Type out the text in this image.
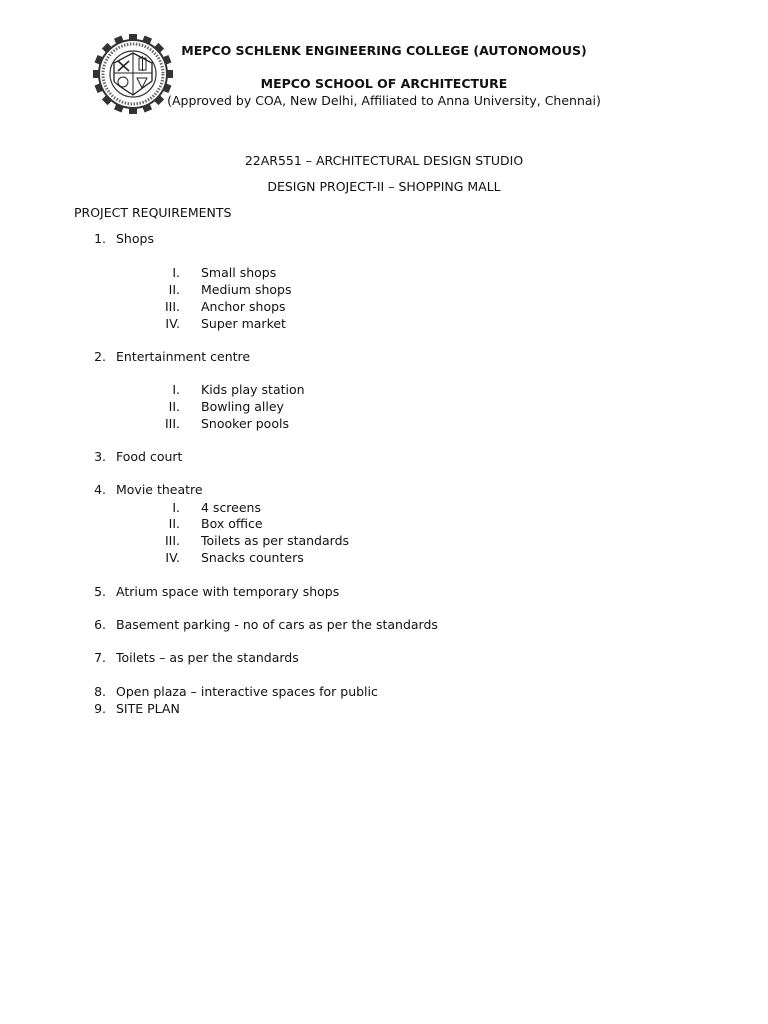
MEPCO SCHLENK ENGINEERING COLLEGE (AUTONOMOUS)
MEPCO SCHOOL OF ARCHITECTURE
(Approved by COA, New Delhi, Affiliated to Anna University, Chennai)
22AR551 – ARCHITECTURAL DESIGN STUDIO
DESIGN PROJECT-II – SHOPPING MALL
PROJECT REQUIREMENTS
1. Shops
I. Small shops
II. Medium shops
III. Anchor shops
IV. Super market
2. Entertainment centre
I. Kids play station
II. Bowling alley
III. Snooker pools
3. Food court
4. Movie theatre
I. 4 screens
II. Box office
III. Toilets as per standards
IV. Snacks counters
5. Atrium space with temporary shops
6. Basement parking - no of cars as per the standards
7. Toilets – as per the standards
8. Open plaza – interactive spaces for public
9. SITE PLAN
